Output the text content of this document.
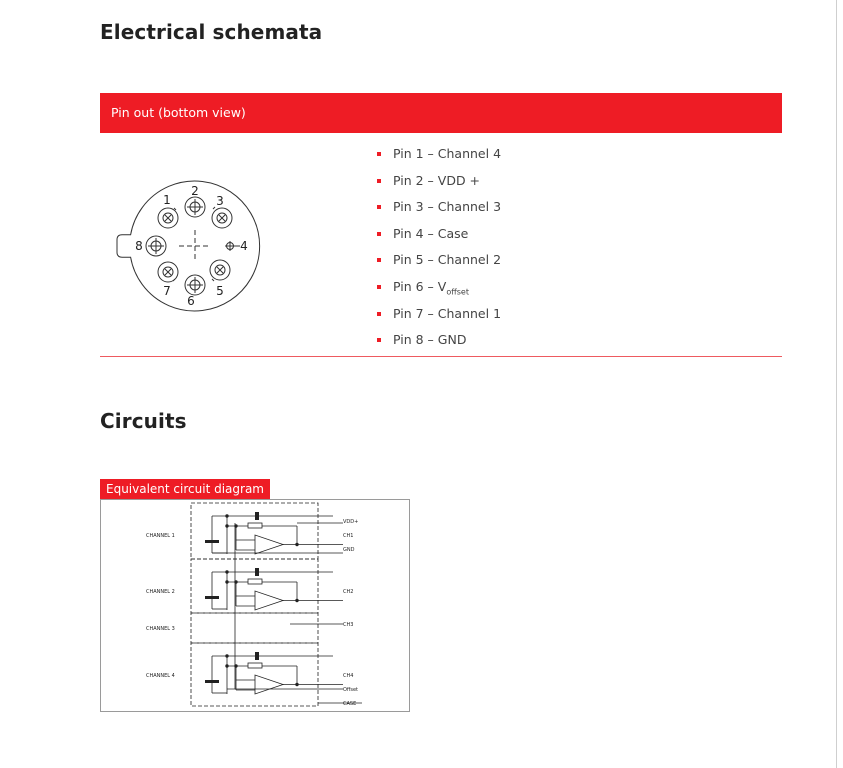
Electrical schemata
Pin out (bottom view)
1
2
3
4
5
6
7
8
Pin 1 – Channel 4
Pin 2 – VDD +
Pin 3 – Channel 3
Pin 4 – Case
Pin 5 – Channel 2
Pin $6 - V_{offset}$
Pin 7 – Channel 1
Pin 8 – GND
Circuits
Equivalent circuit diagram
CHANNEL 1
CHANNEL 2
CHANNEL 3
CHANNEL 4
VDD+
CH1
GND
CH2
CH3
CH4
Offset
CASE
